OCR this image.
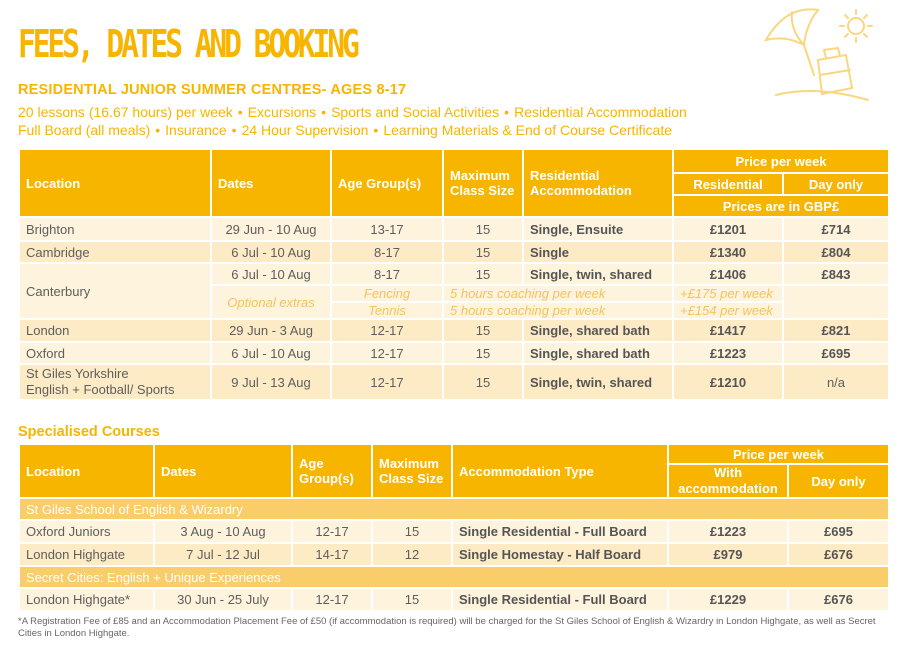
FEES, DATES AND BOOKING
RESIDENTIAL JUNIOR SUMMER CENTRES- AGES 8-17
20 lessons (16.67 hours) per week • Excursions • Sports and Social Activities • Residential Accommodation
Full Board (all meals) • Insurance • 24 Hour Supervision • Learning Materials & End of Course Certificate
Location	Dates	Age Group(s)	Maximum Class Size	Residential Accommodation	Price per week	
					Residential	Day only
					Prices are in GBP£	
Brighton	29 Jun - 10 Aug	13-17	15	Single, Ensuite	£1201	£714
Cambridge	6 Jul - 10 Aug	8-17	15	Single	£1340	£804
Canterbury	6 Jul - 10 Aug	8-17	15	Single, twin, shared	£1406	£843
	Optional extras	Fencing	5 hours coaching per week		+£175 per week	
		Tennis	5 hours coaching per week		+£154 per week	
London	29 Jun - 3 Aug	12-17	15	Single, shared bath	£1417	£821
Oxford	6 Jul - 10 Aug	12-17	15	Single, shared bath	£1223	£695

St Giles Yorkshire
English + Football/ Sports	9 Jul - 13 Aug	12-17	15	Single, twin, shared	£1210	n/a
Specialised Courses
Location	Dates	Age Group(s)	Maximum Class Size	Accommodation Type	Price per week	
					With accommodation	Day only
St Giles School of English & Wizardry						
Oxford Juniors	3 Aug - 10 Aug	12-17	15	Single Residential - Full Board	£1223	£695
London Highgate	7 Jul - 12 Jul	14-17	12	Single Homestay - Half Board	£979	£676
Secret Cities: English + Unique Experiences						
London Highgate*	30 Jun - 25 July	12-17	15	Single Residential - Full Board	£1229	£676
*A Registration Fee of £85 and an Accommodation Placement Fee of £50 (if accommodation is required) will be charged for the St Giles School of English & Wizardry in London Highgate, as well as Secret Cities in London Highgate.
